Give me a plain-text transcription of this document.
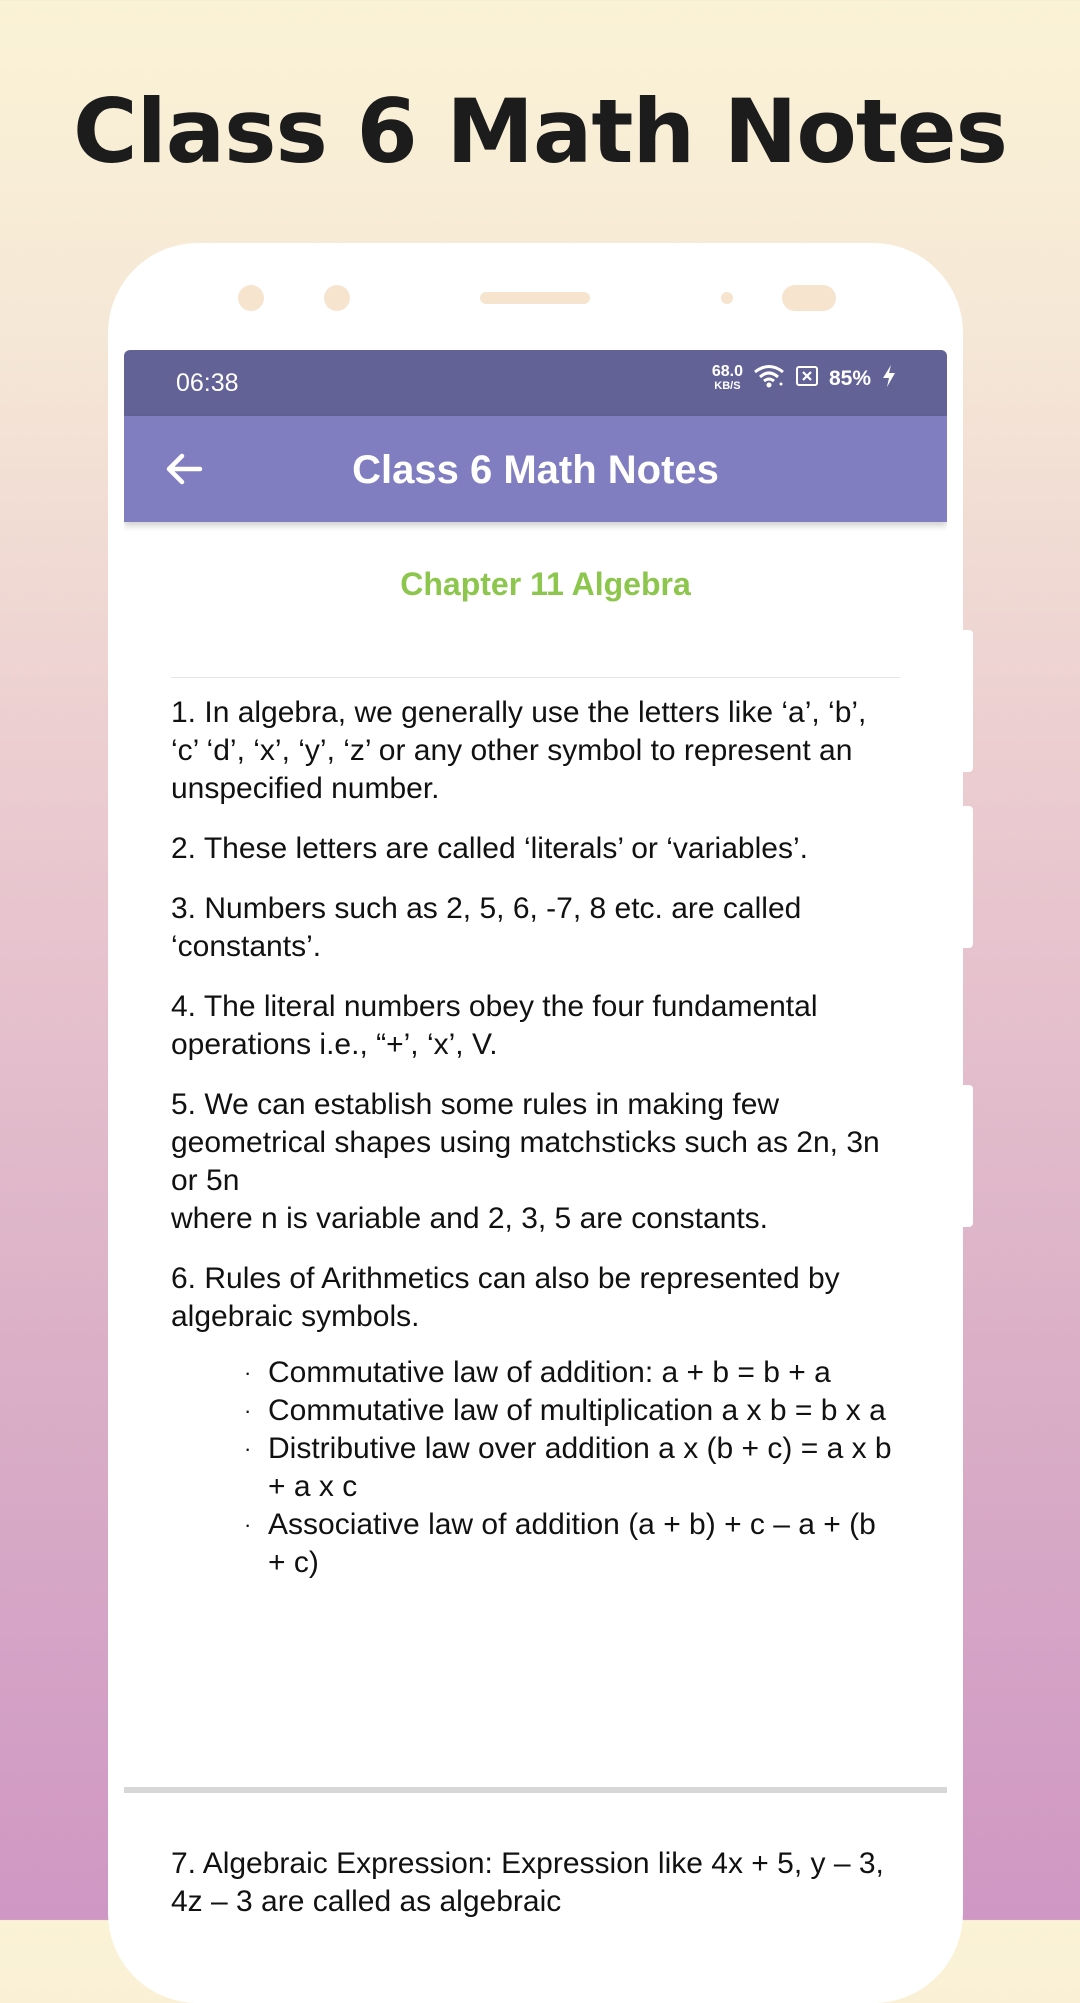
Class 6 Math Notes
06:38	68.0
KB/S	85%
Class 6 Math Notes
Chapter 11 Algebra
1. In algebra, we generally use the letters like ‘a’, ‘b’, ‘c’ ‘d’, ‘x’, ‘y’, ‘z’ or any other symbol to represent an unspecified number.
2. These letters are called ‘literals’ or ‘variables’.
3. Numbers such as 2, 5, 6, -7, 8 etc. are called ‘constants’.
4. The literal numbers obey the four fundamental operations i.e., “+’, ‘x’, V.
5. We can establish some rules in making few geometrical shapes using matchsticks such as 2n, 3n or 5n
where n is variable and 2, 3, 5 are constants.
6. Rules of Arithmetics can also be represented by algebraic symbols.
· Commutative law of addition: a + b = b + a
· Commutative law of multiplication a x b = b x a
· Distributive law over addition a x (b + c) = a x b + a x c
· Associative law of addition (a + b) + c – a + (b + c)
7. Algebraic Expression: Expression like 4x + 5, y – 3, 4z – 3 are called as algebraic
